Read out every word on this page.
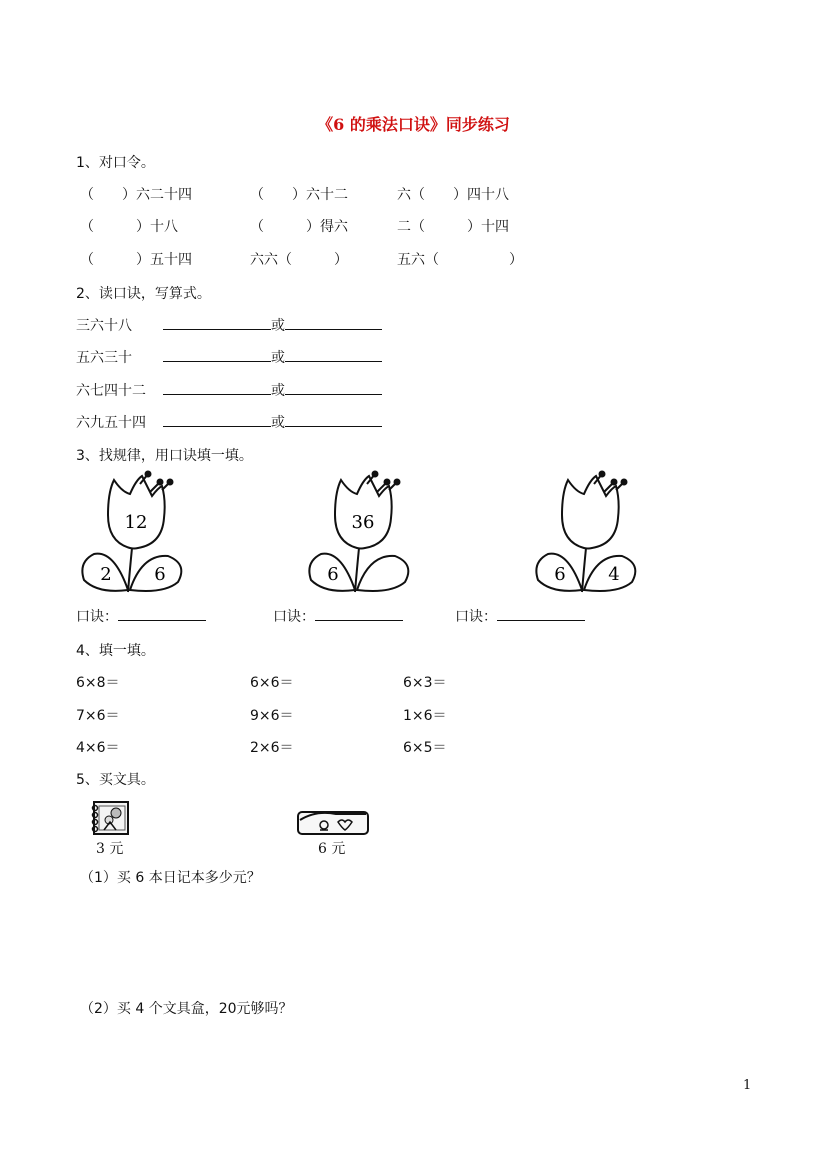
《6 的乘法口诀》同步练习
1、对口令。
（　　）六二十四	（　　）六十二	六（　　）四十八
（　　　）十八	（　　　）得六	二（　　　）十四
（　　　）五十四	六六（　　　）	五六（　　　　　）
2、读口诀，写算式。
三六十八	或
五六三十	或
六七四十二	或
六九五十四	或
3、找规律，用口诀填一填。
12
2 6
36
6	6 4
口诀：	口诀：	口诀：
4、填一填。
6×8＝	6×6＝	6×3＝
7×6＝	9×6＝	1×6＝
4×6＝	2×6＝	6×5＝
5、买文具。
3 元	6 元
（1）买 6 本日记本多少元？
（2）买 4 个文具盒，20元够吗？
1
